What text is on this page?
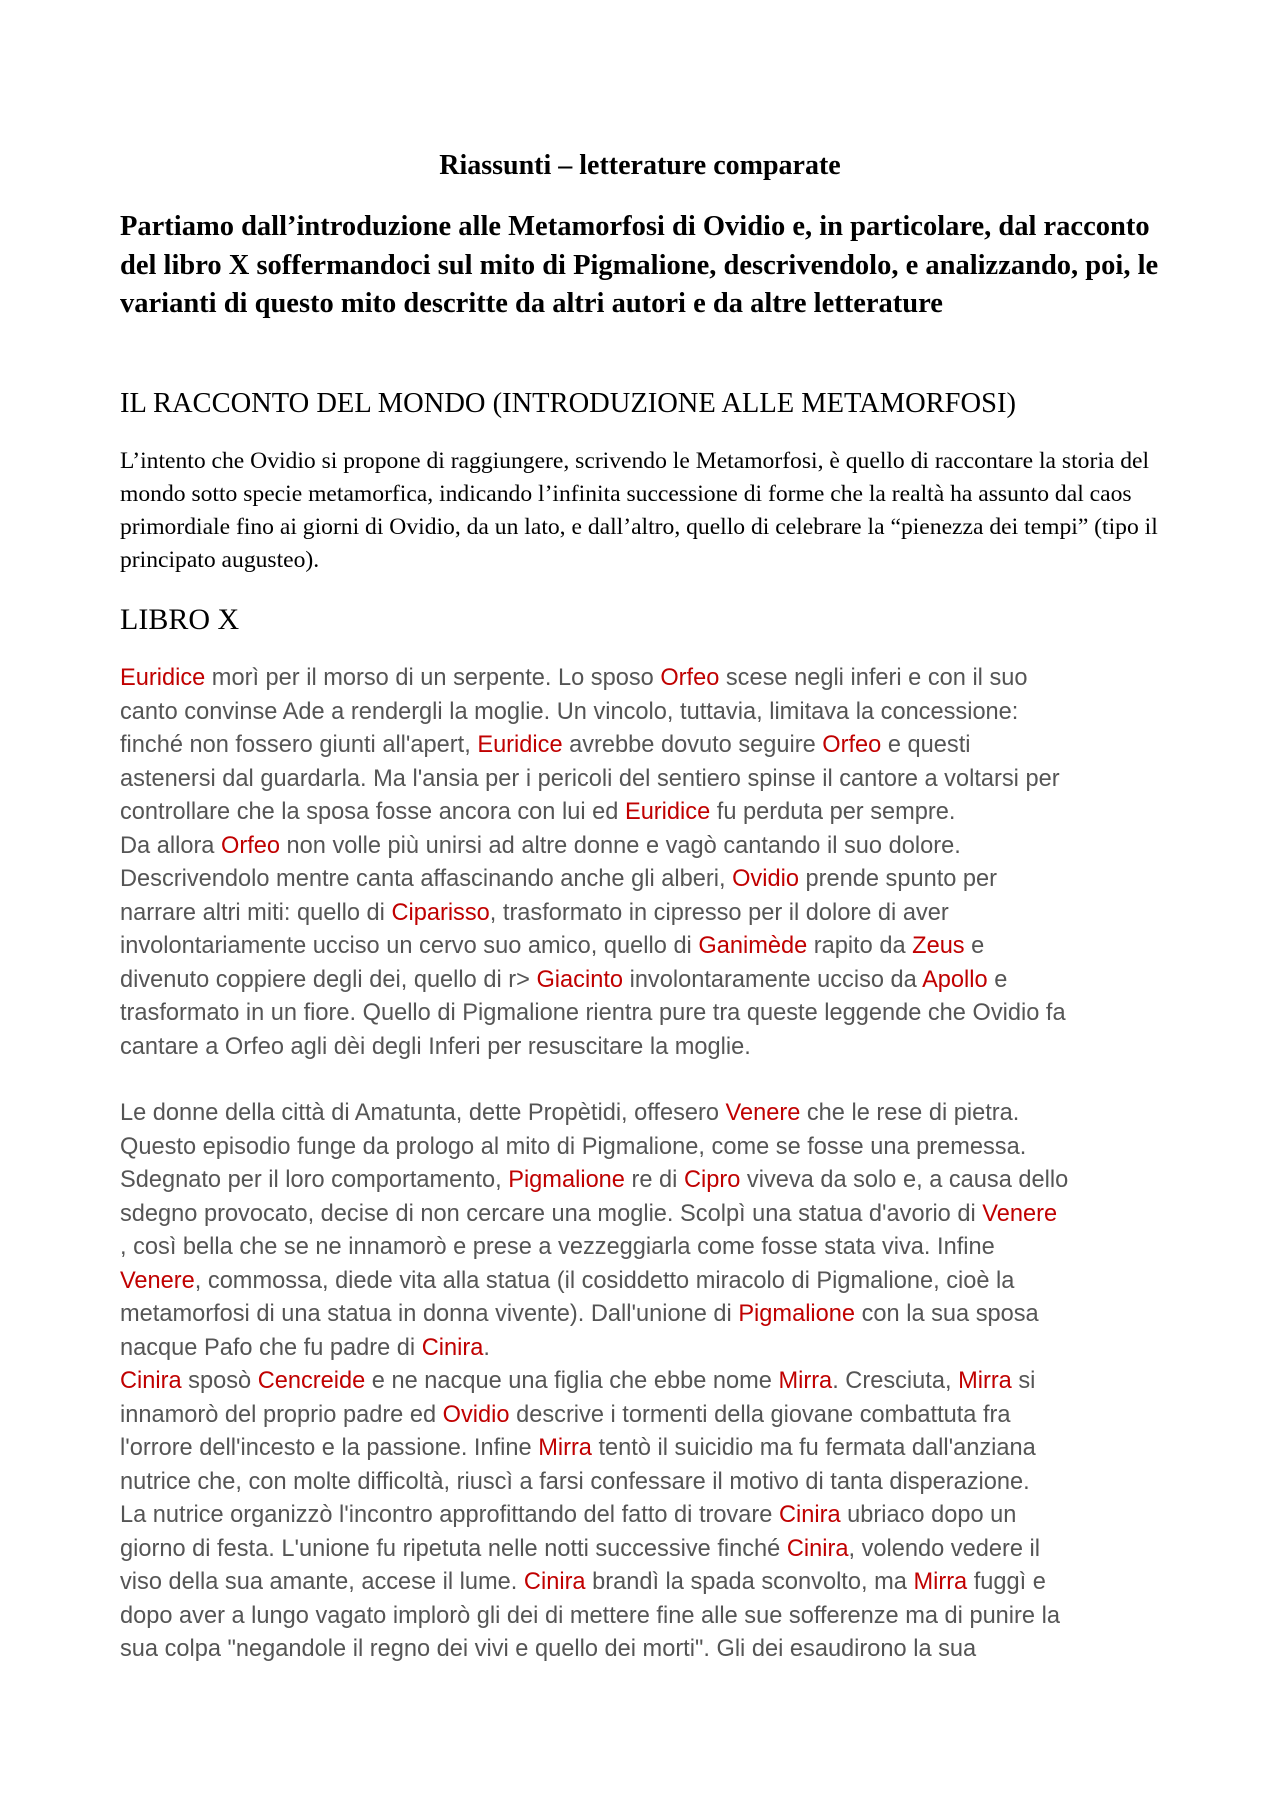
Riassunti – letterature comparate
Partiamo dall’introduzione alle Metamorfosi di Ovidio e, in particolare, dal racconto del libro X soffermandoci sul mito di Pigmalione, descrivendolo, e analizzando, poi, le varianti di questo mito descritte da altri autori e da altre letterature
IL RACCONTO DEL MONDO (INTRODUZIONE ALLE METAMORFOSI)
L’intento che Ovidio si propone di raggiungere, scrivendo le Metamorfosi, è quello di raccontare la storia del mondo sotto specie metamorfica, indicando l’infinita successione di forme che la realtà ha assunto dal caos primordiale fino ai giorni di Ovidio, da un lato, e dall’altro, quello di celebrare la “pienezza dei tempi” (tipo il principato augusteo).
LIBRO X
Euridice morì per il morso di un serpente. Lo sposo Orfeo scese negli inferi e con il suo
canto convinse Ade a rendergli la moglie. Un vincolo, tuttavia, limitava la concessione:
finché non fossero giunti all'apert, Euridice avrebbe dovuto seguire Orfeo e questi
astenersi dal guardarla. Ma l'ansia per i pericoli del sentiero spinse il cantore a voltarsi per
controllare che la sposa fosse ancora con lui ed Euridice fu perduta per sempre.
Da allora Orfeo non volle più unirsi ad altre donne e vagò cantando il suo dolore.
Descrivendolo mentre canta affascinando anche gli alberi, Ovidio prende spunto per
narrare altri miti: quello di Ciparisso, trasformato in cipresso per il dolore di aver
involontariamente ucciso un cervo suo amico, quello di Ganimède rapito da Zeus e
divenuto coppiere degli dei, quello di r> Giacinto involontaramente ucciso da Apollo e
trasformato in un fiore. Quello di Pigmalione rientra pure tra queste leggende che Ovidio fa
cantare a Orfeo agli dèi degli Inferi per resuscitare la moglie.
Le donne della città di Amatunta, dette Propètidi, offesero Venere che le rese di pietra.
Questo episodio funge da prologo al mito di Pigmalione, come se fosse una premessa.
Sdegnato per il loro comportamento, Pigmalione re di Cipro viveva da solo e, a causa dello
sdegno provocato, decise di non cercare una moglie. Scolpì una statua d'avorio di Venere
, così bella che se ne innamorò e prese a vezzeggiarla come fosse stata viva. Infine
Venere, commossa, diede vita alla statua (il cosiddetto miracolo di Pigmalione, cioè la
metamorfosi di una statua in donna vivente). Dall'unione di Pigmalione con la sua sposa
nacque Pafo che fu padre di Cinira.
Cinira sposò Cencreide e ne nacque una figlia che ebbe nome Mirra. Cresciuta, Mirra si
innamorò del proprio padre ed Ovidio descrive i tormenti della giovane combattuta fra
l'orrore dell'incesto e la passione. Infine Mirra tentò il suicidio ma fu fermata dall'anziana
nutrice che, con molte difficoltà, riuscì a farsi confessare il motivo di tanta disperazione.
La nutrice organizzò l'incontro approfittando del fatto di trovare Cinira ubriaco dopo un
giorno di festa. L'unione fu ripetuta nelle notti successive finché Cinira, volendo vedere il
viso della sua amante, accese il lume. Cinira brandì la spada sconvolto, ma Mirra fuggì e
dopo aver a lungo vagato implorò gli dei di mettere fine alle sue sofferenze ma di punire la
sua colpa "negandole il regno dei vivi e quello dei morti". Gli dei esaudirono la sua
